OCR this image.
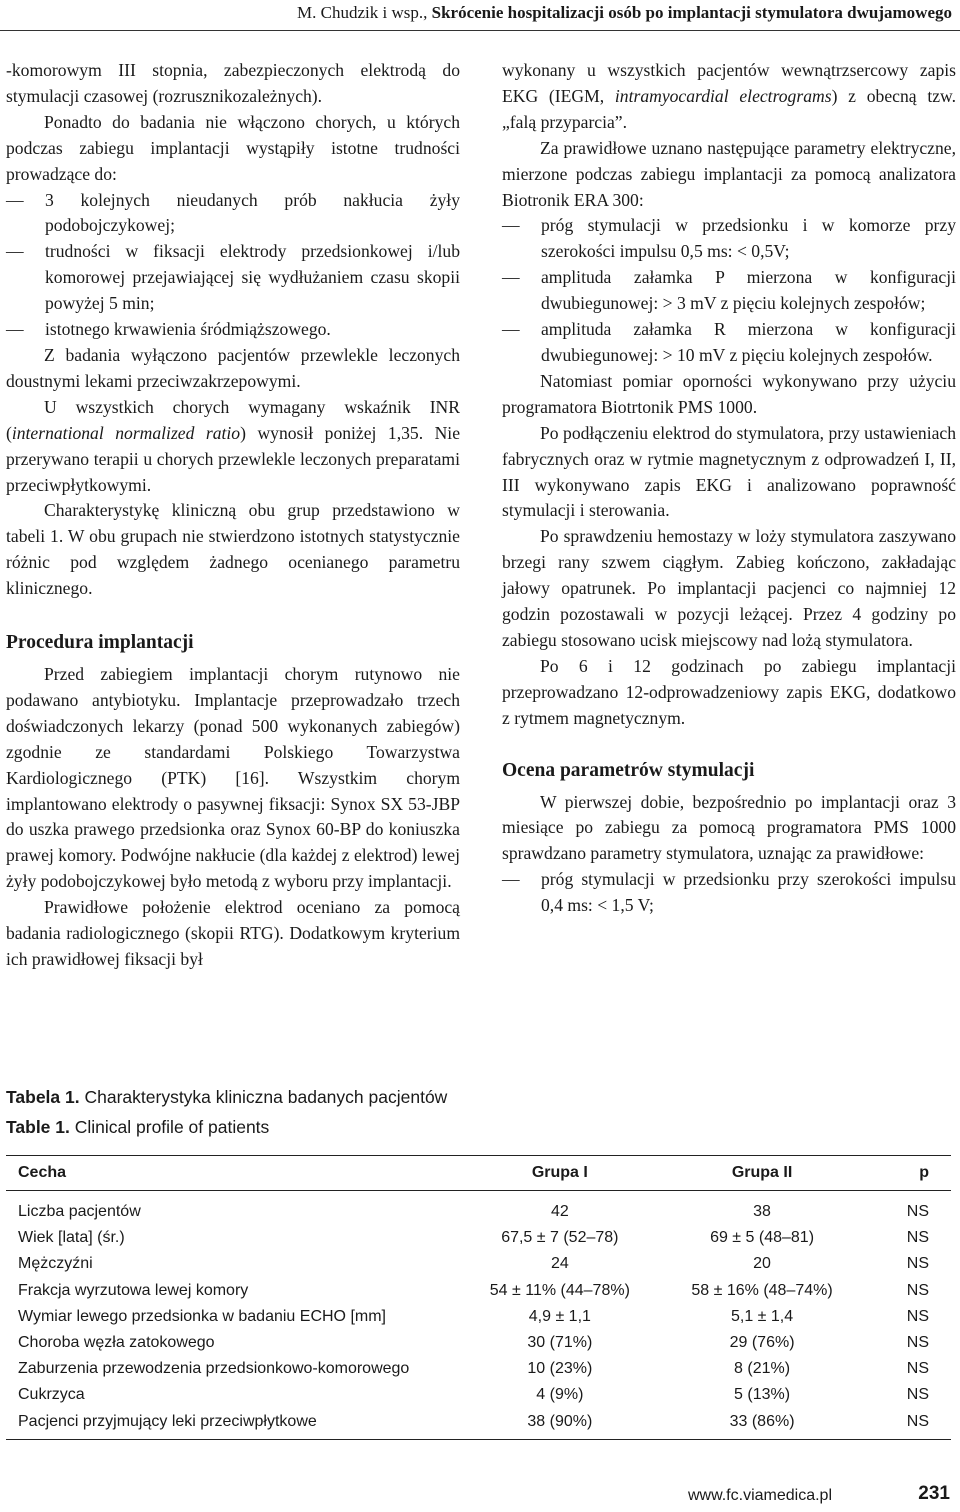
M. Chudzik i wsp., Skrócenie hospitalizacji osób po implantacji stymulatora dwujamowego

-komorowym III stopnia, zabezpieczonych elektrodą do stymulacji czasowej (rozrusznikozależnych).

Ponadto do badania nie włączono chorych, u których podczas zabiegu implantacji wystąpiły istotne trudności prowadzące do:

— 3 kolejnych nieudanych prób nakłucia żyły podobojczykowej;

— trudności w fiksacji elektrody przedsionkowej i/lub komorowej przejawiającej się wydłużaniem czasu skopii powyżej 5 min;

— istotnego krwawienia śródmiąższowego.

Z badania wyłączono pacjentów przewlekle leczonych doustnymi lekami przeciwzakrzepowymi.

U wszystkich chorych wymagany wskaźnik INR (international normalized ratio) wynosił poniżej 1,35. Nie przerywano terapii u chorych przewlekle leczonych preparatami przeciwpłytkowymi.

Charakterystykę kliniczną obu grup przedstawiono w tabeli 1. W obu grupach nie stwierdzono istotnych statystycznie różnic pod względem żadnego ocenianego parametru klinicznego.

Procedura implantacji

Przed zabiegiem implantacji chorym rutynowo nie podawano antybiotyku. Implantacje przeprowadzało trzech doświadczonych lekarzy (ponad 500 wykonanych zabiegów) zgodnie ze standardami Polskiego Towarzystwa Kardiologicznego (PTK) [16]. Wszystkim chorym implantowano elektrody o pasywnej fiksacji: Synox SX 53-JBP do uszka prawego przedsionka oraz Synox 60-BP do koniuszka prawej komory. Podwójne nakłucie (dla każdej z elektrod) lewej żyły podobojczykowej było metodą z wyboru przy implantacji.

Prawidłowe położenie elektrod oceniano za pomocą badania radiologicznego (skopii RTG). Dodatkowym kryterium ich prawidłowej fiksacji był

wykonany u wszystkich pacjentów wewnątrzsercowy zapis EKG (IEGM, intramyocardial electrograms) z obecną tzw. „falą przyparcia”.

Za prawidłowe uznano następujące parametry elektryczne, mierzone podczas zabiegu implantacji za pomocą analizatora Biotronik ERA 300:

— próg stymulacji w przedsionku i w komorze przy szerokości impulsu 0,5 ms: < 0,5V;

— amplituda załamka P mierzona w konfiguracji dwubiegunowej: > 3 mV z pięciu kolejnych zespołów;

— amplituda załamka R mierzona w konfiguracji dwubiegunowej: > 10 mV z pięciu kolejnych zespołów.

Natomiast pomiar oporności wykonywano przy użyciu programatora Biotrtonik PMS 1000.

Po podłączeniu elektrod do stymulatora, przy ustawieniach fabrycznych oraz w rytmie magnetycznym z odprowadzeń I, II, III wykonywano zapis EKG i analizowano poprawność stymulacji i sterowania.

Po sprawdzeniu hemostazy w loży stymulatora zaszywano brzegi rany szwem ciągłym. Zabieg kończono, zakładając jałowy opatrunek. Po implantacji pacjenci co najmniej 12 godzin pozostawali w pozycji leżącej. Przez 4 godziny po zabiegu stosowano ucisk miejscowy nad lożą stymulatora.

Po 6 i 12 godzinach po zabiegu implantacji przeprowadzano 12-odprowadzeniowy zapis EKG, dodatkowo z rytmem magnetycznym.

Ocena parametrów stymulacji

W pierwszej dobie, bezpośrednio po implantacji oraz 3 miesiące po zabiegu za pomocą programatora PMS 1000 sprawdzano parametry stymulatora, uznając za prawidłowe:

— próg stymulacji w przedsionku przy szerokości impulsu 0,4 ms: < 1,5 V;

Tabela 1. Charakterystyka kliniczna badanych pacjentów

Table 1. Clinical profile of patients

Cecha	Grupa I	Grupa II	p
Liczba pacjentów	42	38	NS
Wiek [lata] (śr.)	67,5 ± 7 (52–78)	69 ± 5 (48–81)	NS
Mężczyźni	24	20	NS
Frakcja wyrzutowa lewej komory	54 ± 11% (44–78%)	58 ± 16% (48–74%)	NS
Wymiar lewego przedsionka w badaniu ECHO [mm]	4,9 ± 1,1	5,1 ± 1,4	NS
Choroba węzła zatokowego	30 (71%)	29 (76%)	NS
Zaburzenia przewodzenia przedsionkowo-komorowego	10 (23%)	8 (21%)	NS
Cukrzyca	4 (9%)	5 (13%)	NS
Pacjenci przyjmujący leki przeciwpłytkowe	38 (90%)	33 (86%)	NS
www.fc.viamedica.pl	231
